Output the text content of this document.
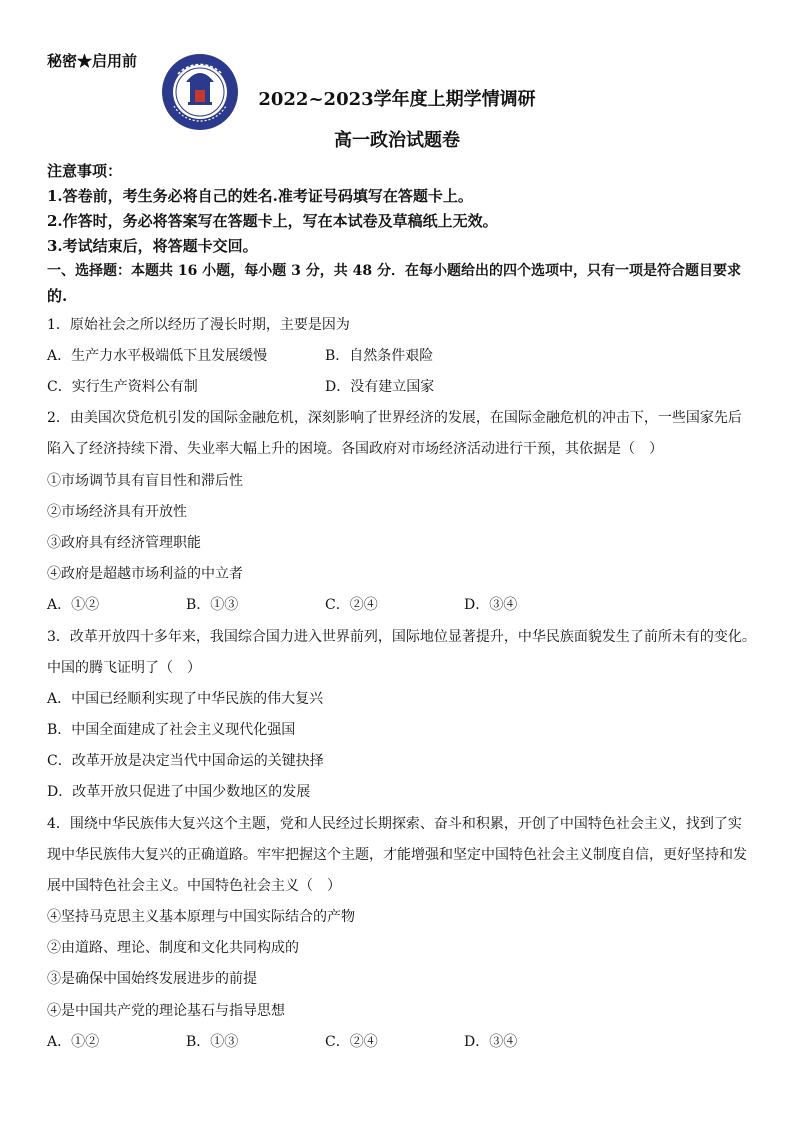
秘密★启用前
2022~2023学年度上期学情调研
高一政治试题卷
注意事项：
1.答卷前，考生务必将自己的姓名.准考证号码填写在答题卡上。
2.作答时，务必将答案写在答题卡上，写在本试卷及草稿纸上无效。
3.考试结束后，将答题卡交回。
一、选择题：本题共 16 小题，每小题 3 分，共 48 分．在每小题给出的四个选项中，只有一项是符合题目要求
的.
1．原始社会之所以经历了漫长时期，主要是因为
A．生产力水平极端低下且发展缓慢	B．自然条件艰险
C．实行生产资料公有制	D．没有建立国家
2．由美国次贷危机引发的国际金融危机，深刻影响了世界经济的发展，在国际金融危机的冲击下，一些国家先后
陷入了经济持续下滑、失业率大幅上升的困境。各国政府对市场经济活动进行干预，其依据是（　）
①市场调节具有盲目性和滞后性
②市场经济具有开放性
③政府具有经济管理职能
④政府是超越市场利益的中立者
A．①②	B．①③	C．②④	D．③④
3．改革开放四十多年来，我国综合国力进入世界前列，国际地位显著提升，中华民族面貌发生了前所未有的变化。
中国的腾飞证明了（　）
A．中国已经顺利实现了中华民族的伟大复兴
B．中国全面建成了社会主义现代化强国
C．改革开放是决定当代中国命运的关键抉择
D．改革开放只促进了中国少数地区的发展
4．围绕中华民族伟大复兴这个主题，党和人民经过长期探索、奋斗和积累，开创了中国特色社会主义，找到了实
现中华民族伟大复兴的正确道路。牢牢把握这个主题，才能增强和坚定中国特色社会主义制度自信，更好坚持和发
展中国特色社会主义。中国特色社会主义（　）
④坚持马克思主义基本原理与中国实际结合的产物
②由道路、理论、制度和文化共同构成的
③是确保中国始终发展进步的前提
④是中国共产党的理论基石与指导思想
A．①②	B．①③	C．②④	D．③④
